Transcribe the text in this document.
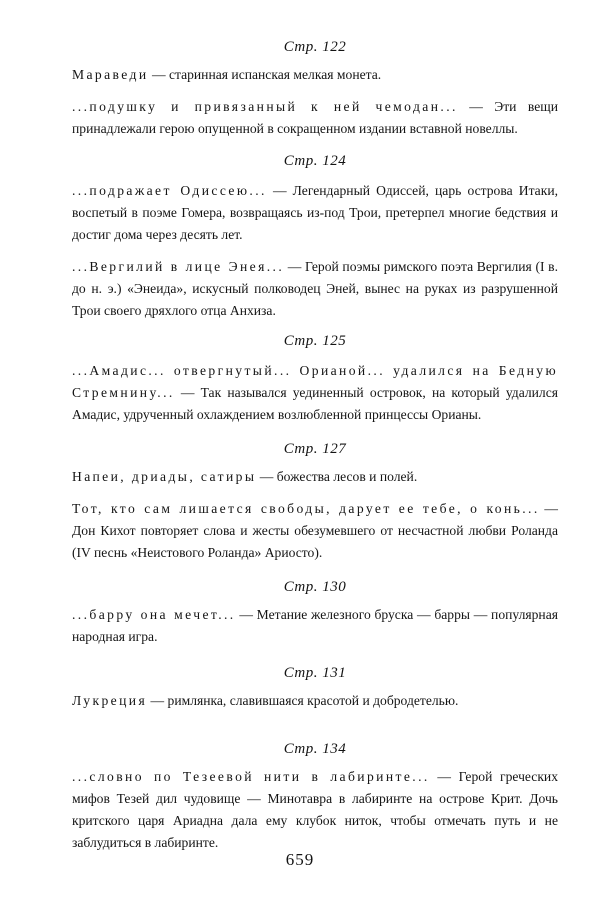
Стр. 122

Мараведи — старинная испанская мелкая монета.

...подушку и привязанный к ней чемодан... — Эти вещи принадлежали герою опущенной в сокращенном издании вставной новеллы.

Стр. 124

...подражает Одиссею... — Легендарный Одиссей, царь острова Итаки, воспетый в поэме Гомера, возвращаясь из-под Трои, претерпел многие бедствия и достиг дома через десять лет.

...Вергилий в лице Энея... — Герой поэмы римского поэта Вергилия (I в. до н. э.) «Энеида», искусный полководец Эней, вынес на руках из разрушенной Трои своего дряхлого отца Анхиза.

Стр. 125

...Амадис... отвергнутый... Орианой... удалился на Бедную Стремнину... — Так назывался уединенный островок, на который удалился Амадис, удрученный охлаждением возлюбленной принцессы Орианы.

Стр. 127

Напеи, дриады, сатиры — божества лесов и полей.

Тот, кто сам лишается свободы, дарует ее тебе, о конь... — Дон Кихот повторяет слова и жесты обезумевшего от несчастной любви Роланда (IV песнь «Неистового Роланда» Ариосто).

Стр. 130

...барру она мечет... — Метание железного бруска — барры — популярная народная игра.

Стр. 131

Лукреция — римлянка, славившаяся красотой и добродетелью.

Стр. 134

...словно по Тезеевой нити в лабиринте... — Герой греческих мифов Тезей дил чудовище — Минотавра в лабиринте на острове Крит. Дочь критского царя Ариадна дала ему клубок ниток, чтобы отмечать путь и не заблудиться в лабиринте.

659
